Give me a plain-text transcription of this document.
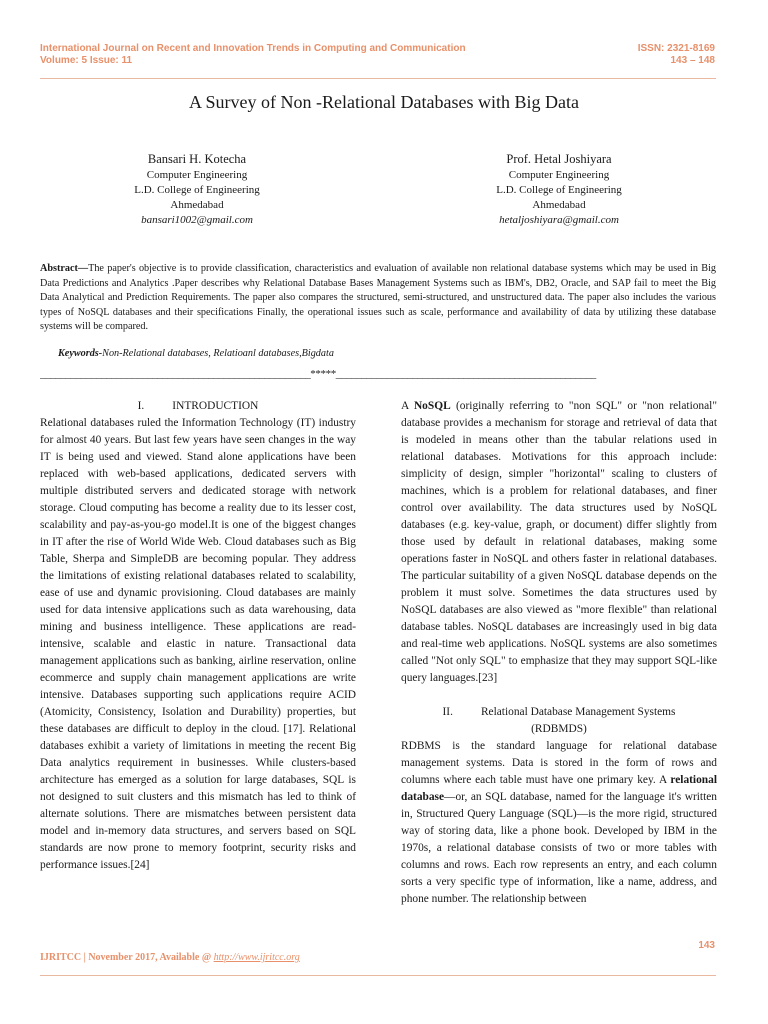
International Journal on Recent and Innovation Trends in Computing and Communication
Volume: 5 Issue: 11
ISSN: 2321-8169
143 – 148
A Survey of Non -Relational Databases with Big Data
Bansari H. Kotecha
Computer Engineering
L.D. College of Engineering
Ahmedabad
bansari1002@gmail.com
Prof. Hetal Joshiyara
Computer Engineering
L.D. College of Engineering
Ahmedabad
hetaljoshiyara@gmail.com
Abstract—The paper's objective is to provide classification, characteristics and evaluation of available non relational database systems which may be used in Big Data Predictions and Analytics .Paper describes why Relational Database Bases Management Systems such as IBM's, DB2, Oracle, and SAP fail to meet the Big Data Analytical and Prediction Requirements. The paper also compares the structured, semi-structured, and unstructured data. The paper also includes the various types of NoSQL databases and their specifications Finally, the operational issues such as scale, performance and availability of data by utilizing these database systems will be compared.
Keywords-Non-Relational databases, Relatioanl databases,Bigdata
_____________________________________________________*****___________________________________________________
I. INTRODUCTION

Relational databases ruled the Information Technology (IT) industry for almost 40 years. But last few years have seen changes in the way IT is being used and viewed. Stand alone applications have been replaced with web-based applications, dedicated servers with multiple distributed servers and dedicated storage with network storage. Cloud computing has become a reality due to its lesser cost, scalability and pay-as-you-go model.It is one of the biggest changes in IT after the rise of World Wide Web. Cloud databases such as Big Table, Sherpa and SimpleDB are becoming popular. They address the limitations of existing relational databases related to scalability, ease of use and dynamic provisioning. Cloud databases are mainly used for data intensive applications such as data warehousing, data mining and business intelligence. These applications are read-intensive, scalable and elastic in nature. Transactional data management applications such as banking, airline reservation, online ecommerce and supply chain management applications are write intensive. Databases supporting such applications require ACID (Atomicity, Consistency, Isolation and Durability) properties, but these databases are difficult to deploy in the cloud. [17]. Relational databases exhibit a variety of limitations in meeting the recent Big Data analytics requirement in businesses. While clusters-based architecture has emerged as a solution for large databases, SQL is not designed to suit clusters and this mismatch has led to think of alternate solutions. There are mismatches between persistent data model and in-memory data structures, and servers based on SQL standards are now prone to memory footprint, security risks and performance issues.[24]

A NoSQL (originally referring to "non SQL" or "non relational" database provides a mechanism for storage and retrieval of data that is modeled in means other than the tabular relations used in relational databases. Motivations for this approach include: simplicity of design, simpler "horizontal" scaling to clusters of machines, which is a problem for relational databases, and finer control over availability. The data structures used by NoSQL databases (e.g. key-value, graph, or document) differ slightly from those used by default in relational databases, making some operations faster in NoSQL and others faster in relational databases. The particular suitability of a given NoSQL database depends on the problem it must solve. Sometimes the data structures used by NoSQL databases are also viewed as "more flexible" than relational database tables. NoSQL databases are increasingly used in big data and real-time web applications. NoSQL systems are also sometimes called "Not only SQL" to emphasize that they may support SQL-like query languages.[23]

II. Relational Database Management Systems
(RDBMDS)

RDBMS is the standard language for relational database management systems. Data is stored in the form of rows and columns where each table must have one primary key. A relational database—or, an SQL database, named for the language it's written in, Structured Query Language (SQL)—is the more rigid, structured way of storing data, like a phone book. Developed by IBM in the 1970s, a relational database consists of two or more tables with columns and rows. Each row represents an entry, and each column sorts a very specific type of information, like a name, address, and phone number. The relationship between

143
IJRITCC | November 2017, Available @ http://www.ijritcc.org
